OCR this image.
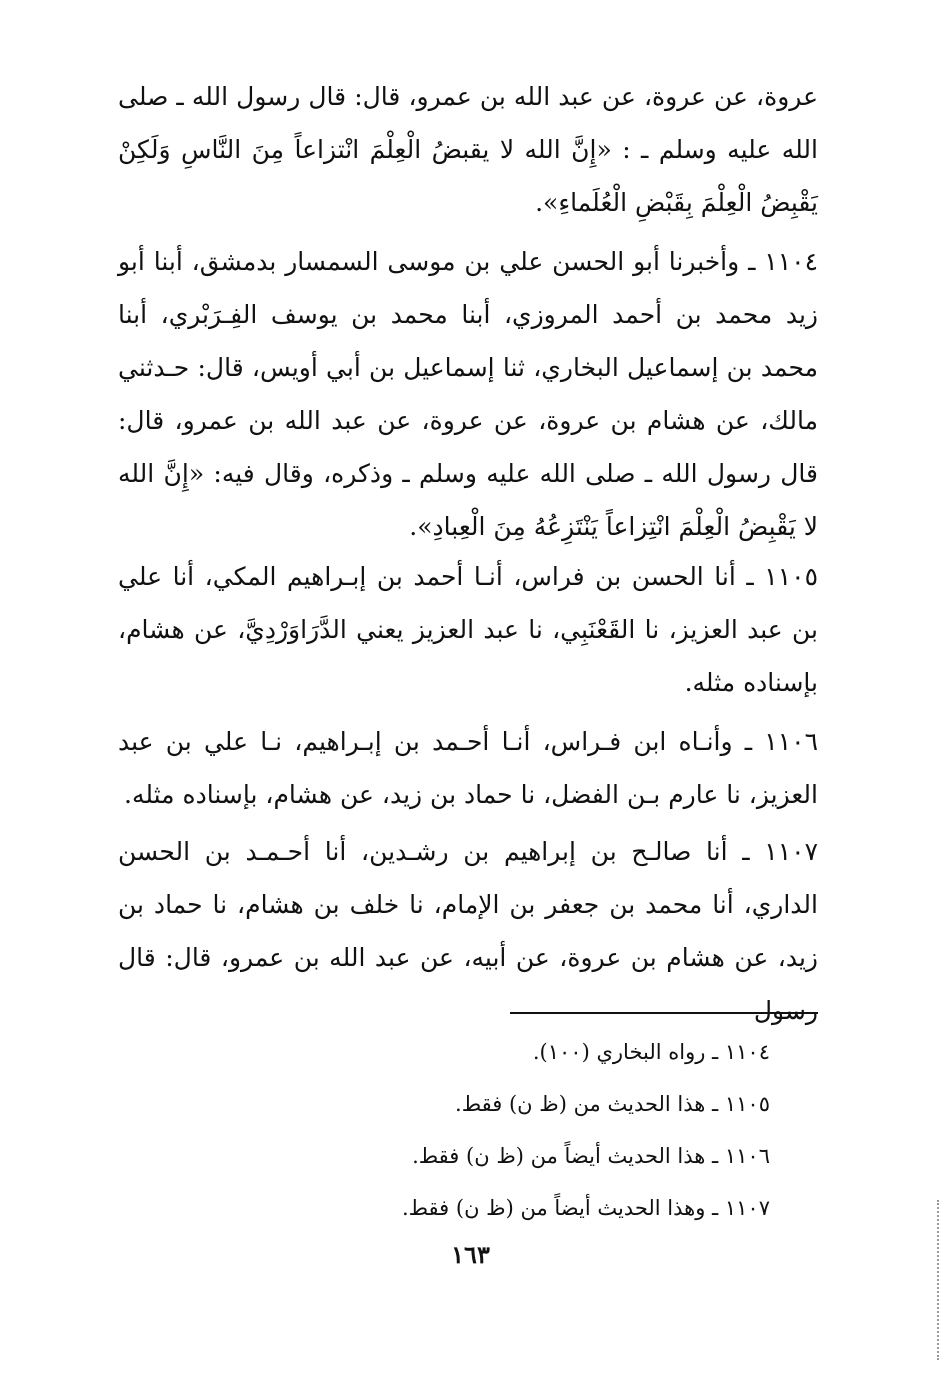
عروة، عن عروة، عن عبد الله بن عمرو، قال: قال رسول الله ـ صلى الله عليه وسلم ـ : «إِنَّ الله لا يقبضُ الْعِلْمَ انْتزاعاً مِنَ النَّاسِ وَلَكِنْ يَقْبِضُ الْعِلْمَ بِقَبْضِ الْعُلَماءِ».

١١٠٤ ـ وأخبرنا أبو الحسن علي بن موسى السمسار بدمشق، أبنا أبو زيد محمد بن أحمد المروزي، أبنا محمد بن يوسف الفِـرَبْري، أبنا محمد بن إسماعيل البخاري، ثنا إسماعيل بن أبي أويس، قال: حـدثني مالك، عن هشام بن عروة، عن عروة، عن عبد الله بن عمرو، قال: قال رسول الله ـ صلى الله عليه وسلم ـ وذكره، وقال فيه: «إِنَّ الله لا يَقْبِضُ الْعِلْمَ انْتِزاعاً يَنْتَزِعُهُ مِنَ الْعِبادِ».

١١٠٥ ـ أنا الحسن بن فراس، أنـا أحمد بن إبـراهيم المكي، أنا علي بن عبد العزيز، نا القَعْنَبِي، نا عبد العزيز يعني الدَّرَاوَرْدِيَّ، عن هشام، بإسناده مثله.

١١٠٦ ـ وأنـاه ابن فـراس، أنـا أحـمد بن إبـراهيم، نـا علي بن عبد العزيز، نا عارم بـن الفضل، نا حماد بن زيد، عن هشام، بإسناده مثله.

١١٠٧ ـ أنا صالـح بن إبراهيم بن رشـدين، أنا أحـمـد بن الحسن الداري، أنا محمد بن جعفر بن الإمام، نا خلف بن هشام، نا حماد بن زيد، عن هشام بن عروة، عن أبيه، عن عبد الله بن عمرو، قال: قال رسول

١١٠٤ ـ رواه البخاري (١٠٠).
١١٠٥ ـ هذا الحديث من (ظ ن) فقط.
١١٠٦ ـ هذا الحديث أيضاً من (ظ ن) فقط.
١١٠٧ ـ وهذا الحديث أيضاً من (ظ ن) فقط.
١٦٣
